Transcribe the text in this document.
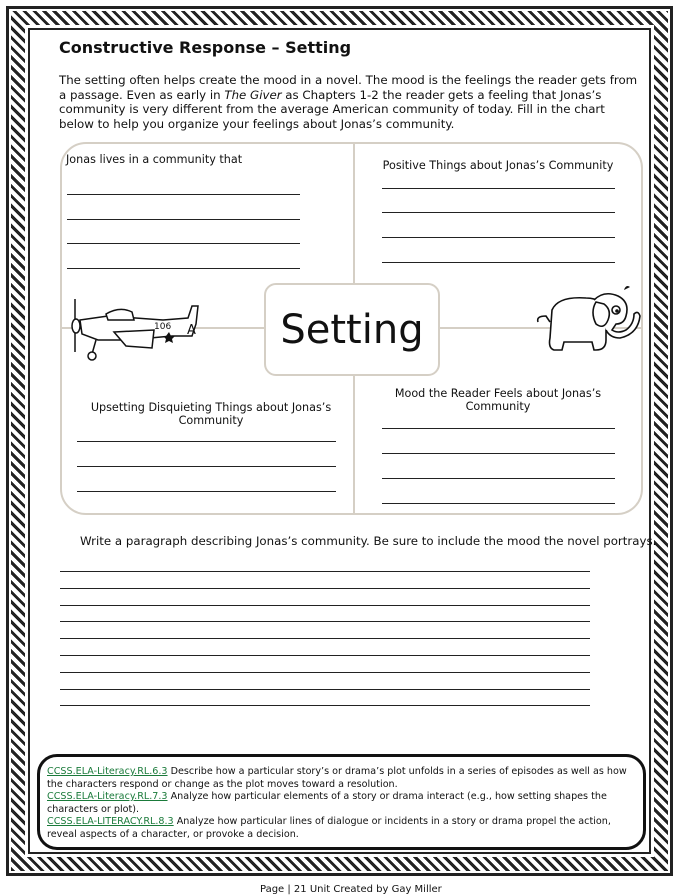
Constructive Response – Setting
The setting often helps create the mood in a novel. The mood is the feelings the reader gets from a passage. Even as early in The Giver as Chapters 1-2 the reader gets a feeling that Jonas’s community is very different from the average American community of today. Fill in the chart below to help you organize your feelings about Jonas’s community.
Jonas lives in a community that	Positive Things about Jonas’s Community
Upsetting Disquieting Things about Jonas’s Community
Mood the Reader Feels about Jonas’s Community
Setting
106 A
Write a paragraph describing Jonas’s community. Be sure to include the mood the novel portrays.
CCSS.ELA-Literacy.RL.6.3 Describe how a particular story’s or drama’s plot unfolds in a series of episodes as well as how the characters respond or change as the plot moves toward a resolution.
CCSS.ELA-Literacy.RL.7.3 Analyze how particular elements of a story or drama interact (e.g., how setting shapes the characters or plot).
CCSS.ELA-LITERACY.RL.8.3 Analyze how particular lines of dialogue or incidents in a story or drama propel the action, reveal aspects of a character, or provoke a decision.
Page | 21 Unit Created by Gay Miller
